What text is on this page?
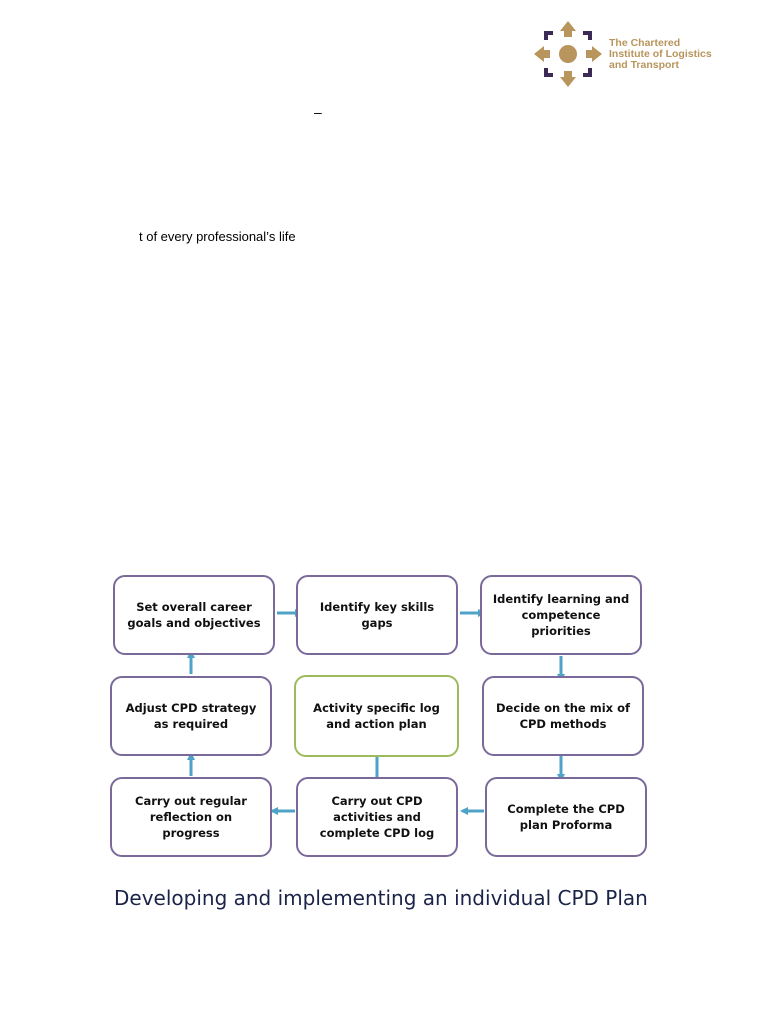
The Chartered
Institute of Logistics
and Transport
–
t of every professional’s life
Set overall career goals and objectives
Identify key skills gaps
Identify learning and competence priorities
Decide on the mix of CPD methods
Complete the CPD plan Proforma
Carry out CPD activities and complete CPD log
Carry out regular reflection on progress
Adjust CPD strategy as required
Activity specific log and action plan
Developing and implementing an individual CPD Plan
